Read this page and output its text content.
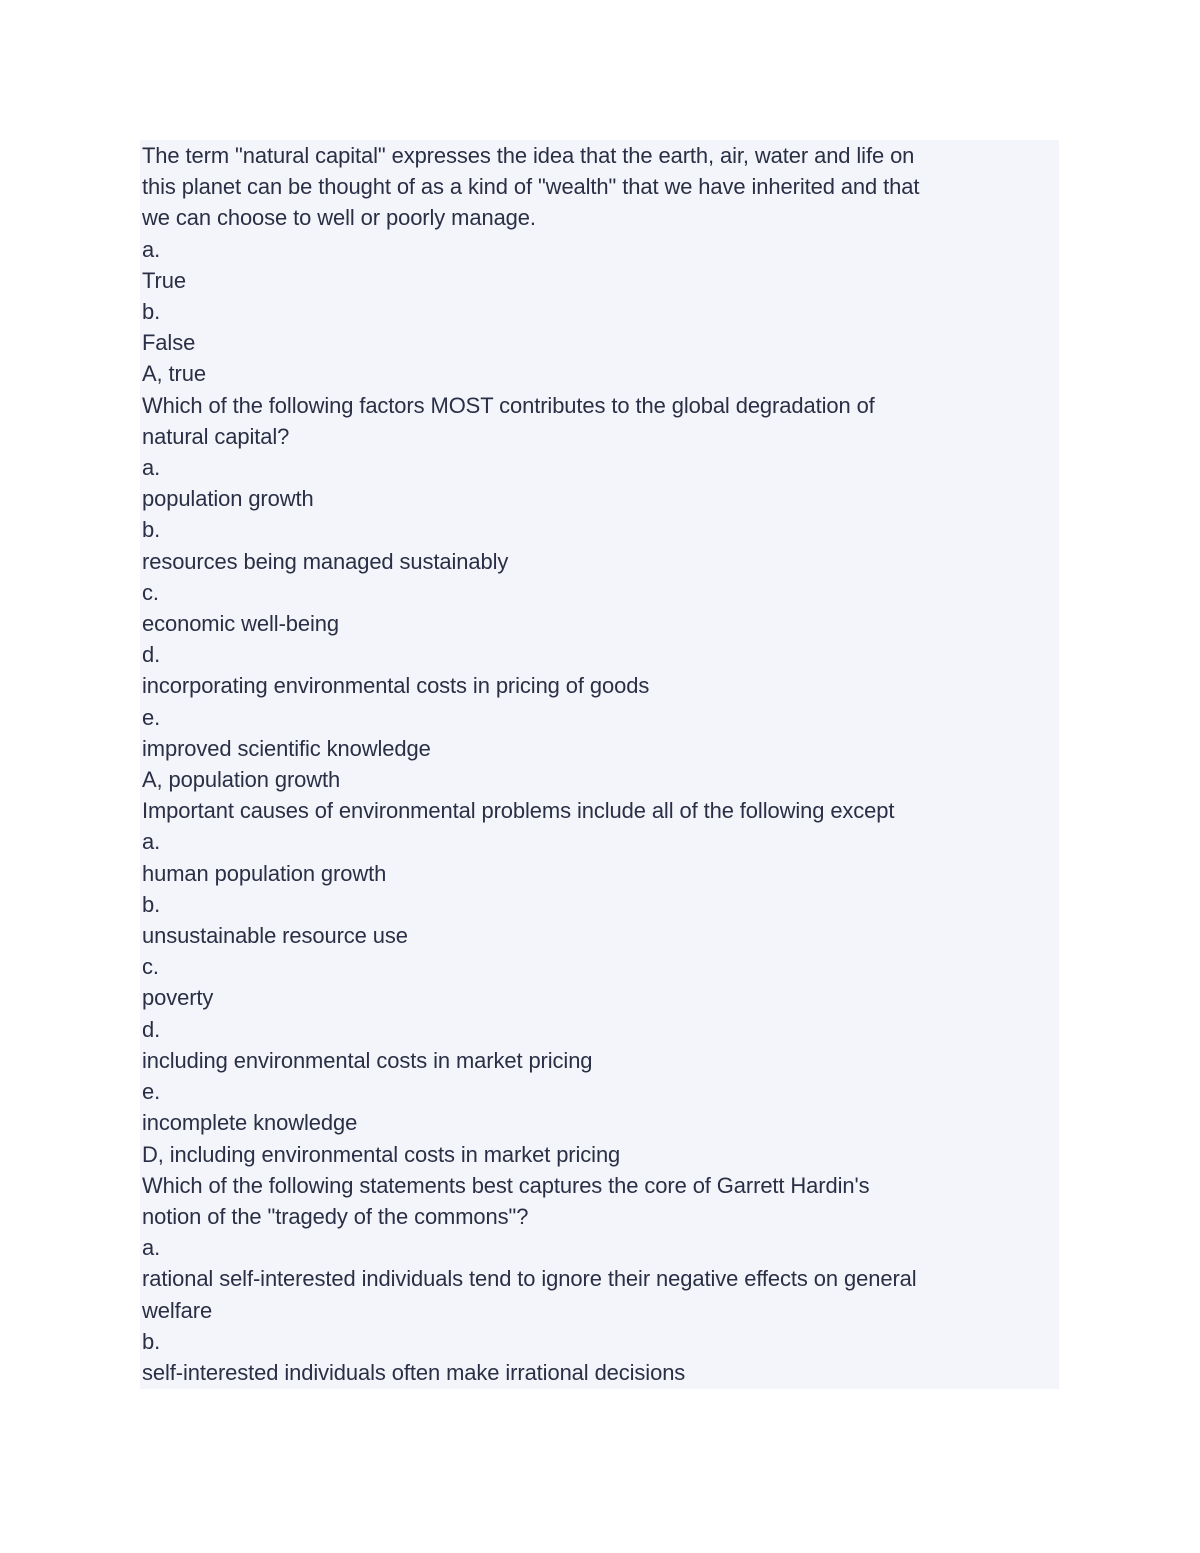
The term "natural capital" expresses the idea that the earth, air, water and life on
this planet can be thought of as a kind of "wealth" that we have inherited and that
we can choose to well or poorly manage.
a.
True
b.
False
A, true
Which of the following factors MOST contributes to the global degradation of
natural capital?
a.
population growth
b.
resources being managed sustainably
c.
economic well-being
d.
incorporating environmental costs in pricing of goods
e.
improved scientific knowledge
A, population growth
Important causes of environmental problems include all of the following except
a.
human population growth
b.
unsustainable resource use
c.
poverty
d.
including environmental costs in market pricing
e.
incomplete knowledge
D, including environmental costs in market pricing
Which of the following statements best captures the core of Garrett Hardin's
notion of the "tragedy of the commons"?
a.
rational self-interested individuals tend to ignore their negative effects on general
welfare
b.
self-interested individuals often make irrational decisions
